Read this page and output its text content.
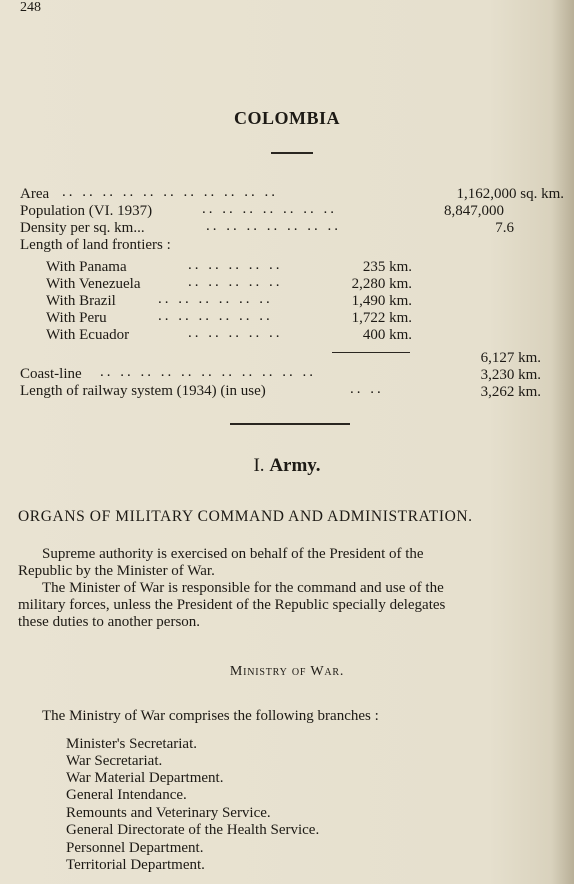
248
COLOMBIA
Area .. .. .. .. .. .. .. .. .. .. ..	1,162,000 sq. km.
Population (VI. 1937)	.. .. .. .. .. .. ..	8,847,000
Density per sq. km...	.. .. .. .. .. .. ..	7.6
Length of land frontiers :
With Panama	.. .. .. .. ..	235 km.
With Venezuela	.. .. .. .. ..	2,280 km.
With Brazil	.. .. .. .. .. ..	1,490 km.
With Peru	.. .. .. .. .. ..	1,722 km.
With Ecuador	.. .. .. .. ..	400 km.
6,127 km.
Coast-line .. .. .. .. .. .. .. .. .. .. ..	3,230 km.
Length of railway system (1934) (in use)	.. ..	3,262 km.
I. Army.
ORGANS OF MILITARY COMMAND AND ADMINISTRATION.
Supreme authority is exercised on behalf of the President of the
Republic by the Minister of War.
The Minister of War is responsible for the command and use of the
military forces, unless the President of the Republic specially delegates
these duties to another person.
Ministry of War.
The Ministry of War comprises the following branches :
Minister's Secretariat.
War Secretariat.
War Material Department.
General Intendance.
Remounts and Veterinary Service.
General Directorate of the Health Service.
Personnel Department.
Territorial Department.
